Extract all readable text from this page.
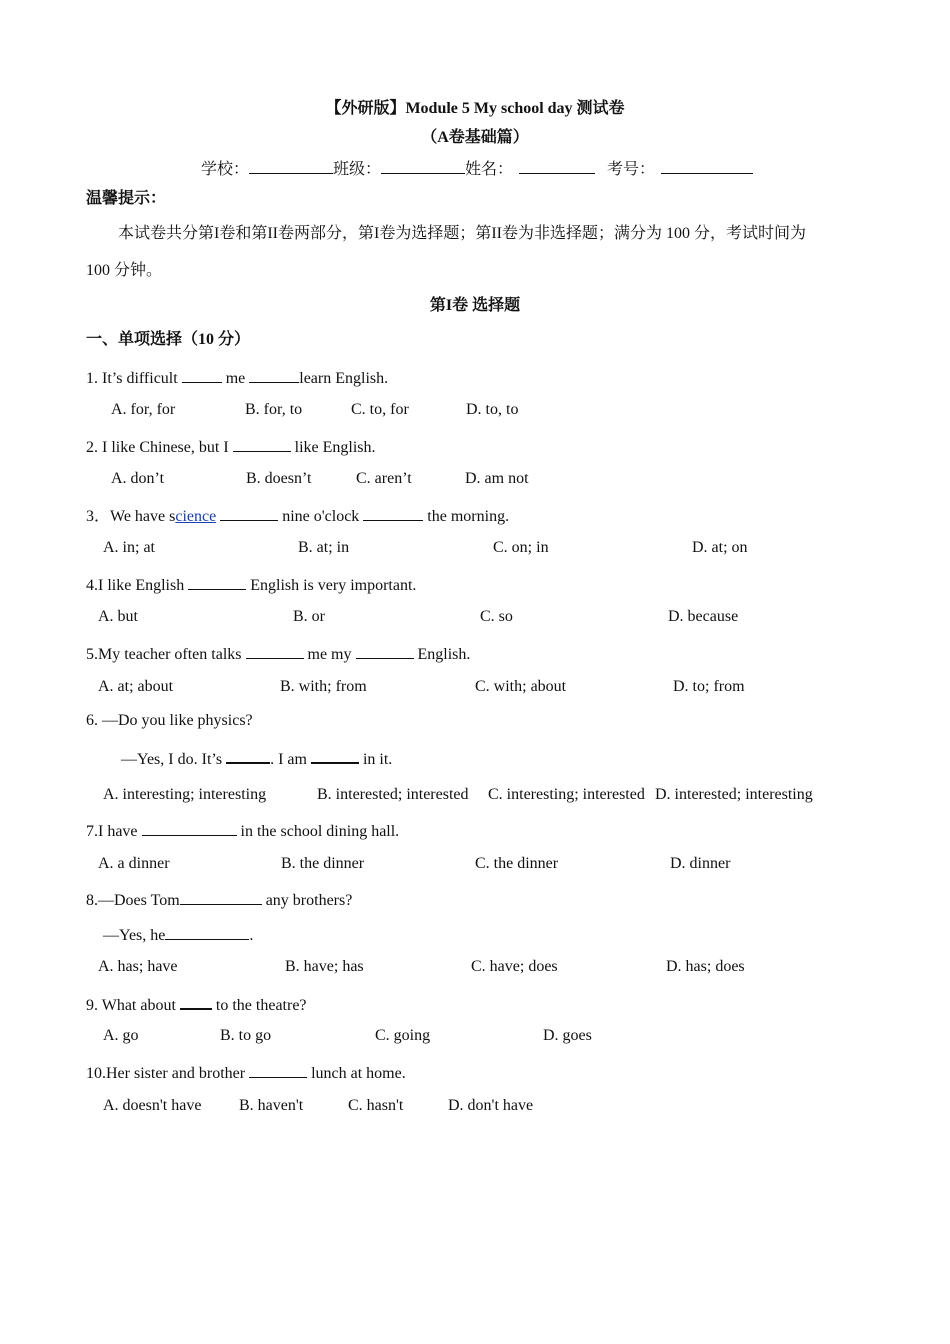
【外研版】Module 5 My school day 测试卷
（A卷基础篇）
学校：	班级：	姓名：	考号：
温馨提示：
本试卷共分第I卷和第II卷两部分，第I卷为选择题；第II卷为非选择题；满分为 100 分，考试时间为
100 分钟。
第I卷 选择题
一、单项选择（10 分）
1. It’s difficult	me	learn English.
A. for, for	B. for, to	C. to, for	D. to, to
2. I like Chinese, but I	like English.
A. don’t	B. doesn’t	C. aren’t	D. am not
3．We have science	nine o'clock	the morning.
A. in; at	B. at; in	C. on; in	D. at; on
4.I like English	English is very important.
A. but	B. or	C. so	D. because
5.My teacher often talks	me my	English.
A. at; about	B. with; from	C. with; about	D. to; from
6. —Do you like physics?
—Yes, I do. It’s	. I am	in it.
A. interesting; interesting	B. interested; interested C. interesting; interested D. interested; interesting
7.I have	in the school dining hall.
A. a dinner	B. the dinner	C. the dinner	D. dinner
8.—Does Tom	any brothers?
—Yes, he	.
A. has; have	B. have; has	C. have; does	D. has; does
9. What about  to the theatre?
A. go	B. to go	C. going	D. goes
10.Her sister and brother	lunch at home.
A. doesn't have B. haven't	C. hasn't	D. don't have
